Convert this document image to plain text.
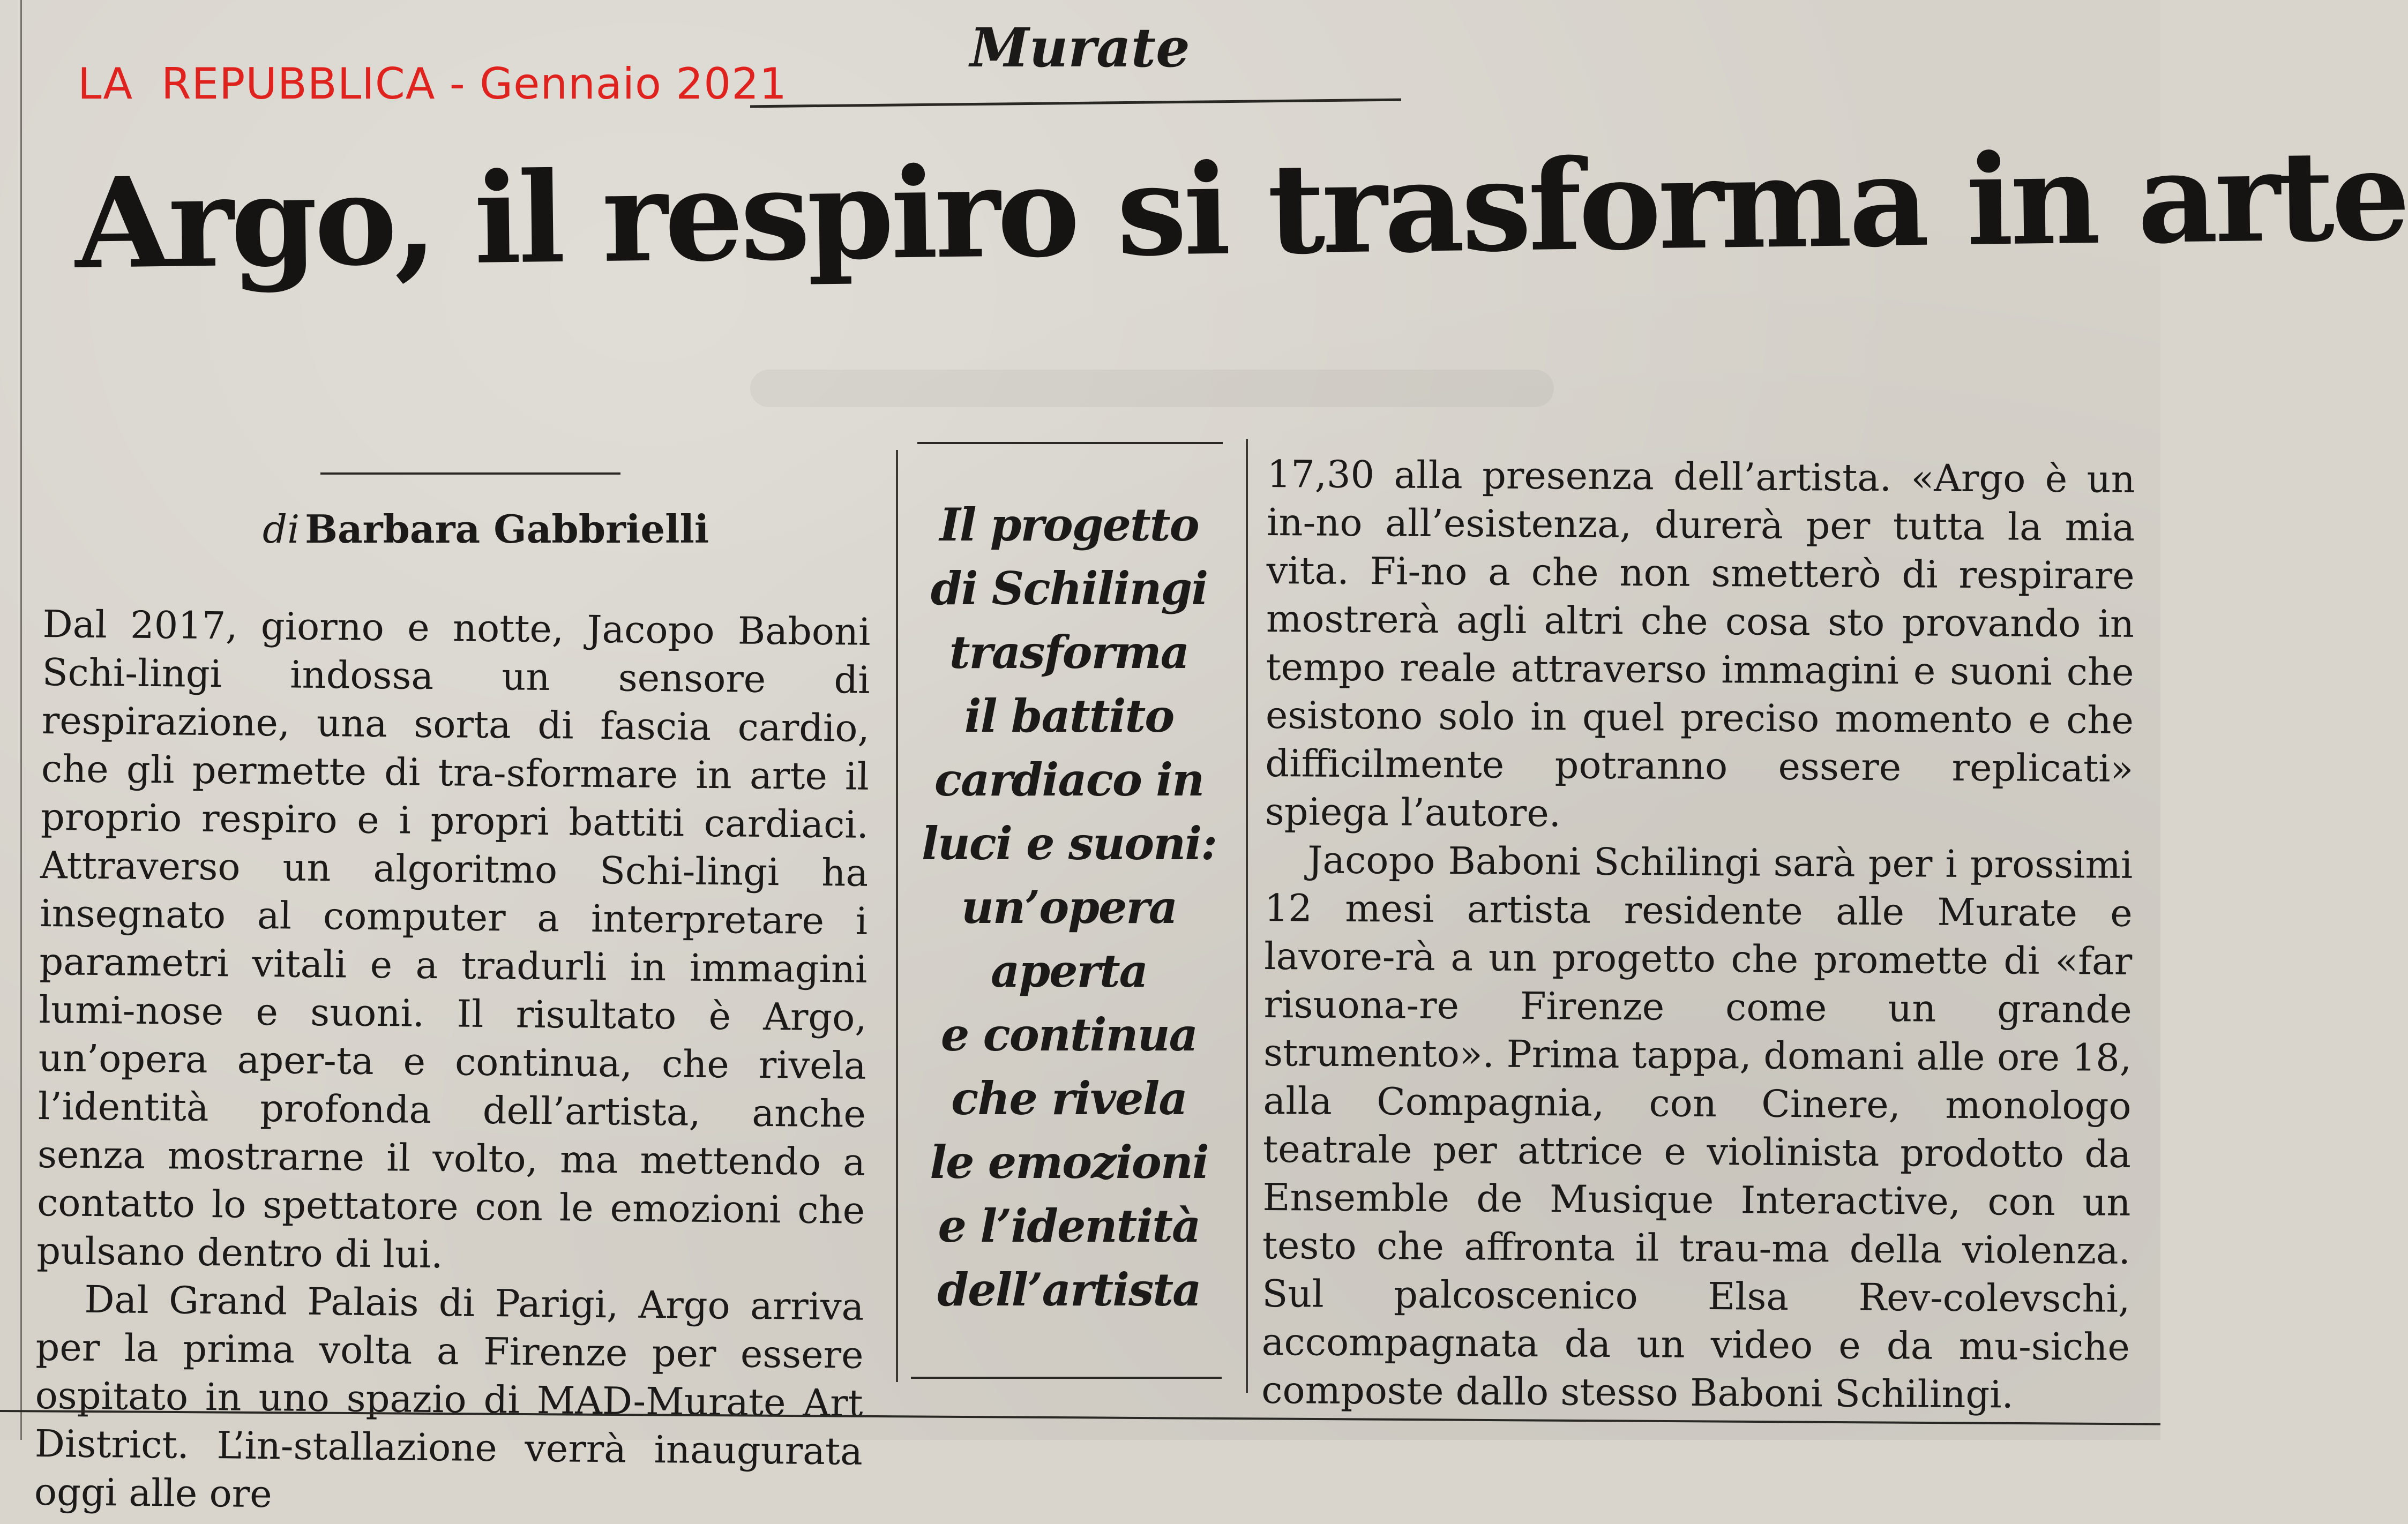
LA  REPUBBLICA - Gennaio 2021
Murate
Argo, il respiro si trasforma in arte
di Barbara Gabbrielli

Dal 2017, giorno e notte, Jacopo Baboni Schi-lingi indossa un sensore di respirazione, una sorta di fascia cardio, che gli permette di tra-sformare in arte il proprio respiro e i propri battiti cardiaci. Attraverso un algoritmo Schi-lingi ha insegnato al computer a interpretare i parametri vitali e a tradurli in immagini lumi-nose e suoni. Il risultato è Argo, un’opera aper-ta e continua, che rivela l’identità profonda dell’artista, anche senza mostrarne il volto, ma mettendo a contatto lo spettatore con le emozioni che pulsano dentro di lui.

Dal Grand Palais di Parigi, Argo arriva per la prima volta a Firenze per essere ospitato in uno spazio di MAD-Murate Art District. L’in-stallazione verrà inaugurata oggi alle ore

Il progetto
di Schilingi
trasforma
il battito
cardiaco in
luci e suoni:
un’opera
aperta
e continua
che rivela
le emozioni
e l’identità
dell’artista

17,30 alla presenza dell’artista. «Argo è un in-no all’esistenza, durerà per tutta la mia vita. Fi-no a che non smetterò di respirare mostrerà agli altri che cosa sto provando in tempo reale attraverso immagini e suoni che esistono solo in quel preciso momento e che difficilmente potranno essere replicati» spiega l’autore.

Jacopo Baboni Schilingi sarà per i prossimi 12 mesi artista residente alle Murate e lavore-rà a un progetto che promette di «far risuona-re Firenze come un grande strumento». Prima tappa, domani alle ore 18, alla Compagnia, con Cinere, monologo teatrale per attrice e violinista prodotto da Ensemble de Musique Interactive, con un testo che affronta il trau-ma della violenza. Sul palcoscenico Elsa Rev-colevschi, accompagnata da un video e da mu-siche composte dallo stesso Baboni Schilingi.
